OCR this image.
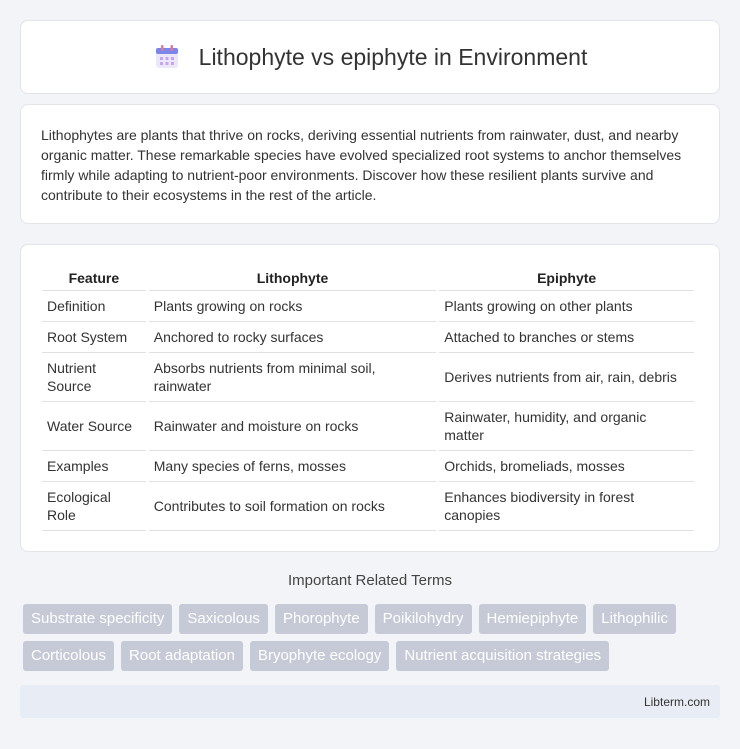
Lithophyte vs epiphyte in Environment

Lithophytes are plants that thrive on rocks, deriving essential nutrients from rainwater, dust, and nearby organic matter. These remarkable species have evolved specialized root systems to anchor themselves firmly while adapting to nutrient-poor environments. Discover how these resilient plants survive and contribute to their ecosystems in the rest of the article.

Feature	Lithophyte	Epiphyte
Definition	Plants growing on rocks	Plants growing on other plants
Root System	Anchored to rocky surfaces	Attached to branches or stems
Nutrient Source	Absorbs nutrients from minimal soil, rainwater	Derives nutrients from air, rain, debris
Water Source	Rainwater and moisture on rocks	Rainwater, humidity, and organic matter
Examples	Many species of ferns, mosses	Orchids, bromeliads, mosses
Ecological Role	Contributes to soil formation on rocks	Enhances biodiversity in forest canopies
Important Related Terms
Substrate specificity	Saxicolous	Phorophyte	Poikilohydry	Hemiepiphyte	Lithophilic
Corticolous	Root adaptation	Bryophyte ecology	Nutrient acquisition strategies
Libterm.com
